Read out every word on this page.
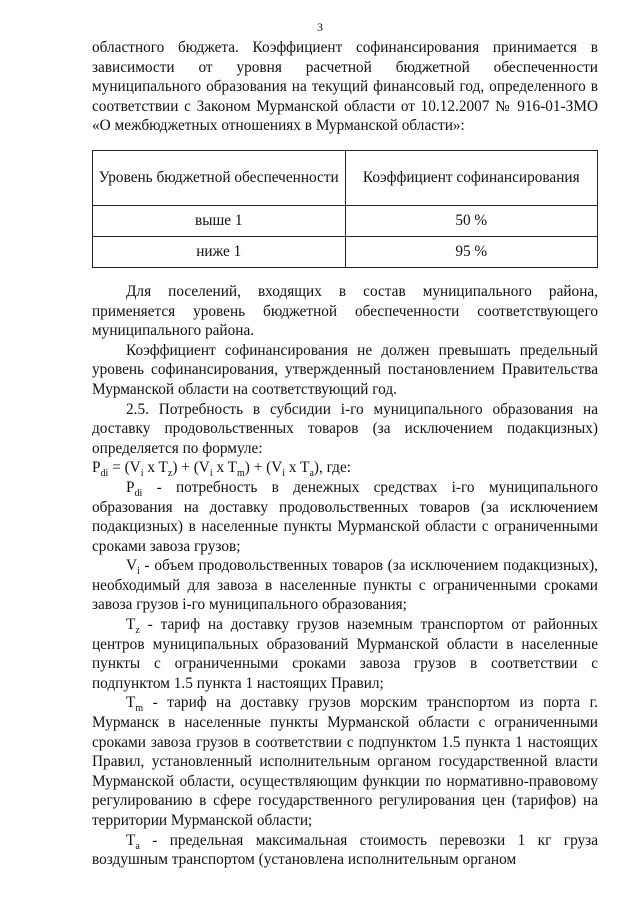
3

областного бюджета. Коэффициент софинансирования принимается в зависимости от уровня расчетной бюджетной обеспеченности муниципального образования на текущий финансовый год, определенного в соответствии с Законом Мурманской области от 10.12.2007 № 916-01-ЗМО «О межбюджетных отношениях в Мурманской области»:

Уровень бюджетной обеспеченности	Коэффициент софинансирования
выше 1	50 %
ниже 1	95 %

Для поселений, входящих в состав муниципального района, применяется уровень бюджетной обеспеченности соответствующего муниципального района.

Коэффициент софинансирования не должен превышать предельный уровень софинансирования, утвержденный постановлением Правительства Мурманской области на соответствующий год.

2.5. Потребность в субсидии i-го муниципального образования на доставку продовольственных товаров (за исключением подакцизных) определяется по формуле:

$P_{di} = (V_i$ x $T_z) + (V_i$ x $T_m) + (V_i$ x $T_a$), где:

$P_{di}$ - потребность в денежных средствах i-го муниципального образования на доставку продовольственных товаров (за исключением подакцизных) в населенные пункты Мурманской области с ограниченными сроками завоза грузов;

$V_i$ - объем продовольственных товаров (за исключением подакцизных), необходимый для завоза в населенные пункты с ограниченными сроками завоза грузов i-го муниципального образования;

$T_z$ - тариф на доставку грузов наземным транспортом от районных центров муниципальных образований Мурманской области в населенные пункты с ограниченными сроками завоза грузов в соответствии с подпунктом 1.5 пункта 1 настоящих Правил;

$T_m$ - тариф на доставку грузов морским транспортом из порта г. Мурманск в населенные пункты Мурманской области с ограниченными сроками завоза грузов в соответствии с подпунктом 1.5 пункта 1 настоящих Правил, установленный исполнительным органом государственной власти Мурманской области, осуществляющим функции по нормативно-правовому регулированию в сфере государственного регулирования цен (тарифов) на территории Мурманской области;

$T_a$ - предельная максимальная стоимость перевозки 1 кг груза воздушным транспортом (установлена исполнительным органом
